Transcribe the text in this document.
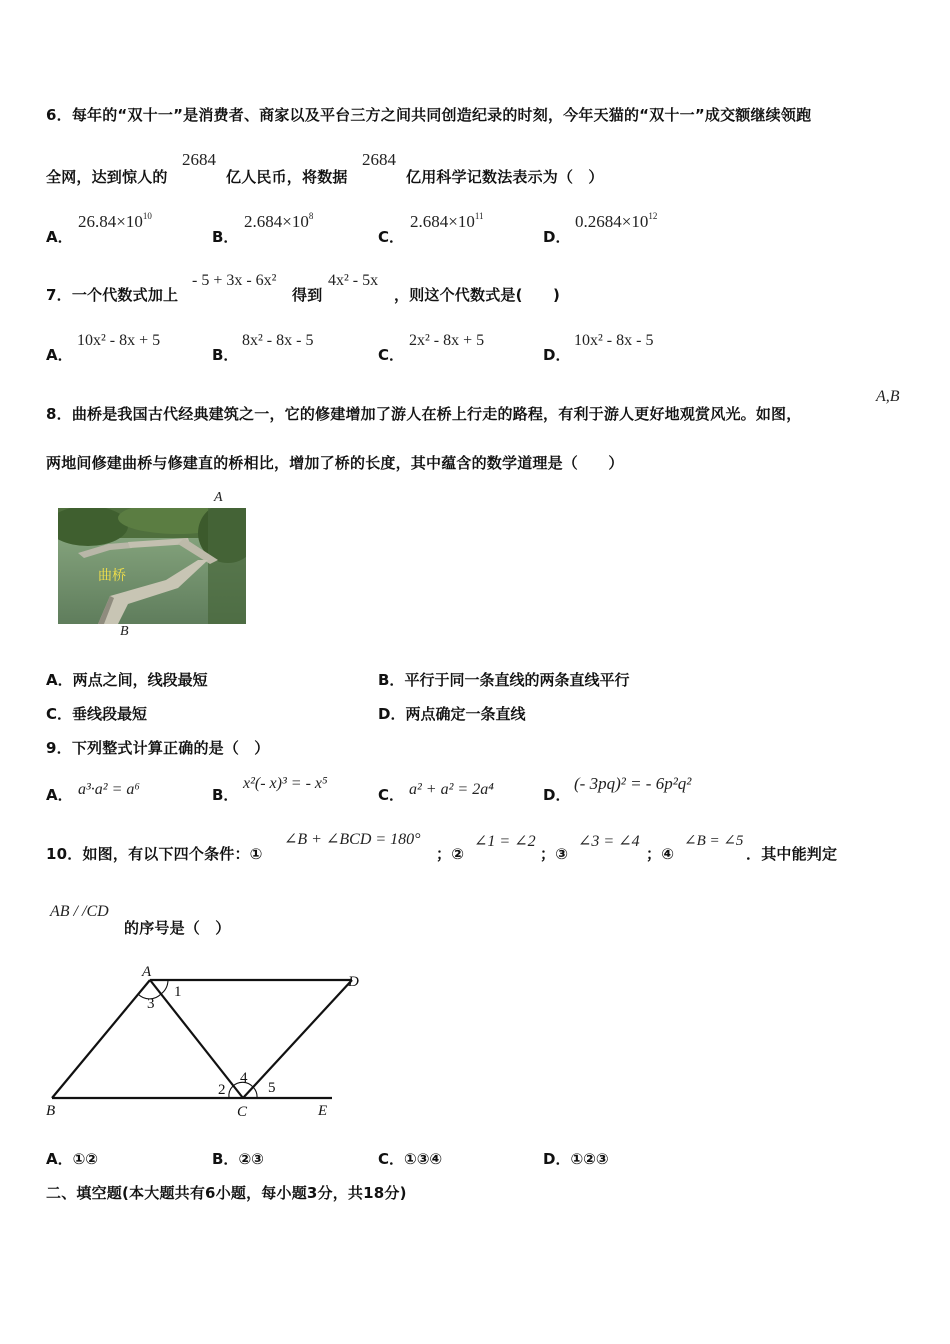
6．每年的“双十一”是消费者、商家以及平台三方之间共同创造纪录的时刻，今年天猫的“双十一”成交额继续领跑
全网，达到惊人的
2684
亿人民币，将数据
2684
亿用科学记数法表示为（　）
A．
$26.84\times 10^{10}$
B．
$2.684\times 10^8$
C．
$2.684\times 10^{11}$
D．
$0.2684\times 10^{12}$
7．一个代数式加上
- 5 + 3x - 6x²
得到
4x² - 5x
，则这个代数式是(　　)
A．
10x² - 8x + 5
B．
8x² - 8x - 5
C．
2x² - 8x + 5
D．
10x² - 8x - 5
8．曲桥是我国古代经典建筑之一，它的修建增加了游人在桥上行走的路程，有利于游人更好地观赏风光。如图，
A,B
两地间修建曲桥与修建直的桥相比，增加了桥的长度，其中蕴含的数学道理是（　　）
A
曲桥
B
A．两点之间，线段最短	B．平行于同一条直线的两条直线平行
C．垂线段最短	D．两点确定一条直线
9．下列整式计算正确的是（　）
A． a³·a² = a⁶	B．
x²(- x)³ = - x⁵
C． a² + a² = 2a⁴	D．
(- 3pq)² = - 6p²q²
10．如图，有以下四个条件：①
∠B + ∠BCD = 180°
；②
∠1 = ∠2
；③
∠3 = ∠4
；④
∠B = ∠5
．其中能判定
AB / /CD
的序号是（　）
A
B	C
D
E
1
2
3
4
5
A．①②	B．②③	C．①③④	D．①②③
二、填空题(本大题共有6小题，每小题3分，共18分)
